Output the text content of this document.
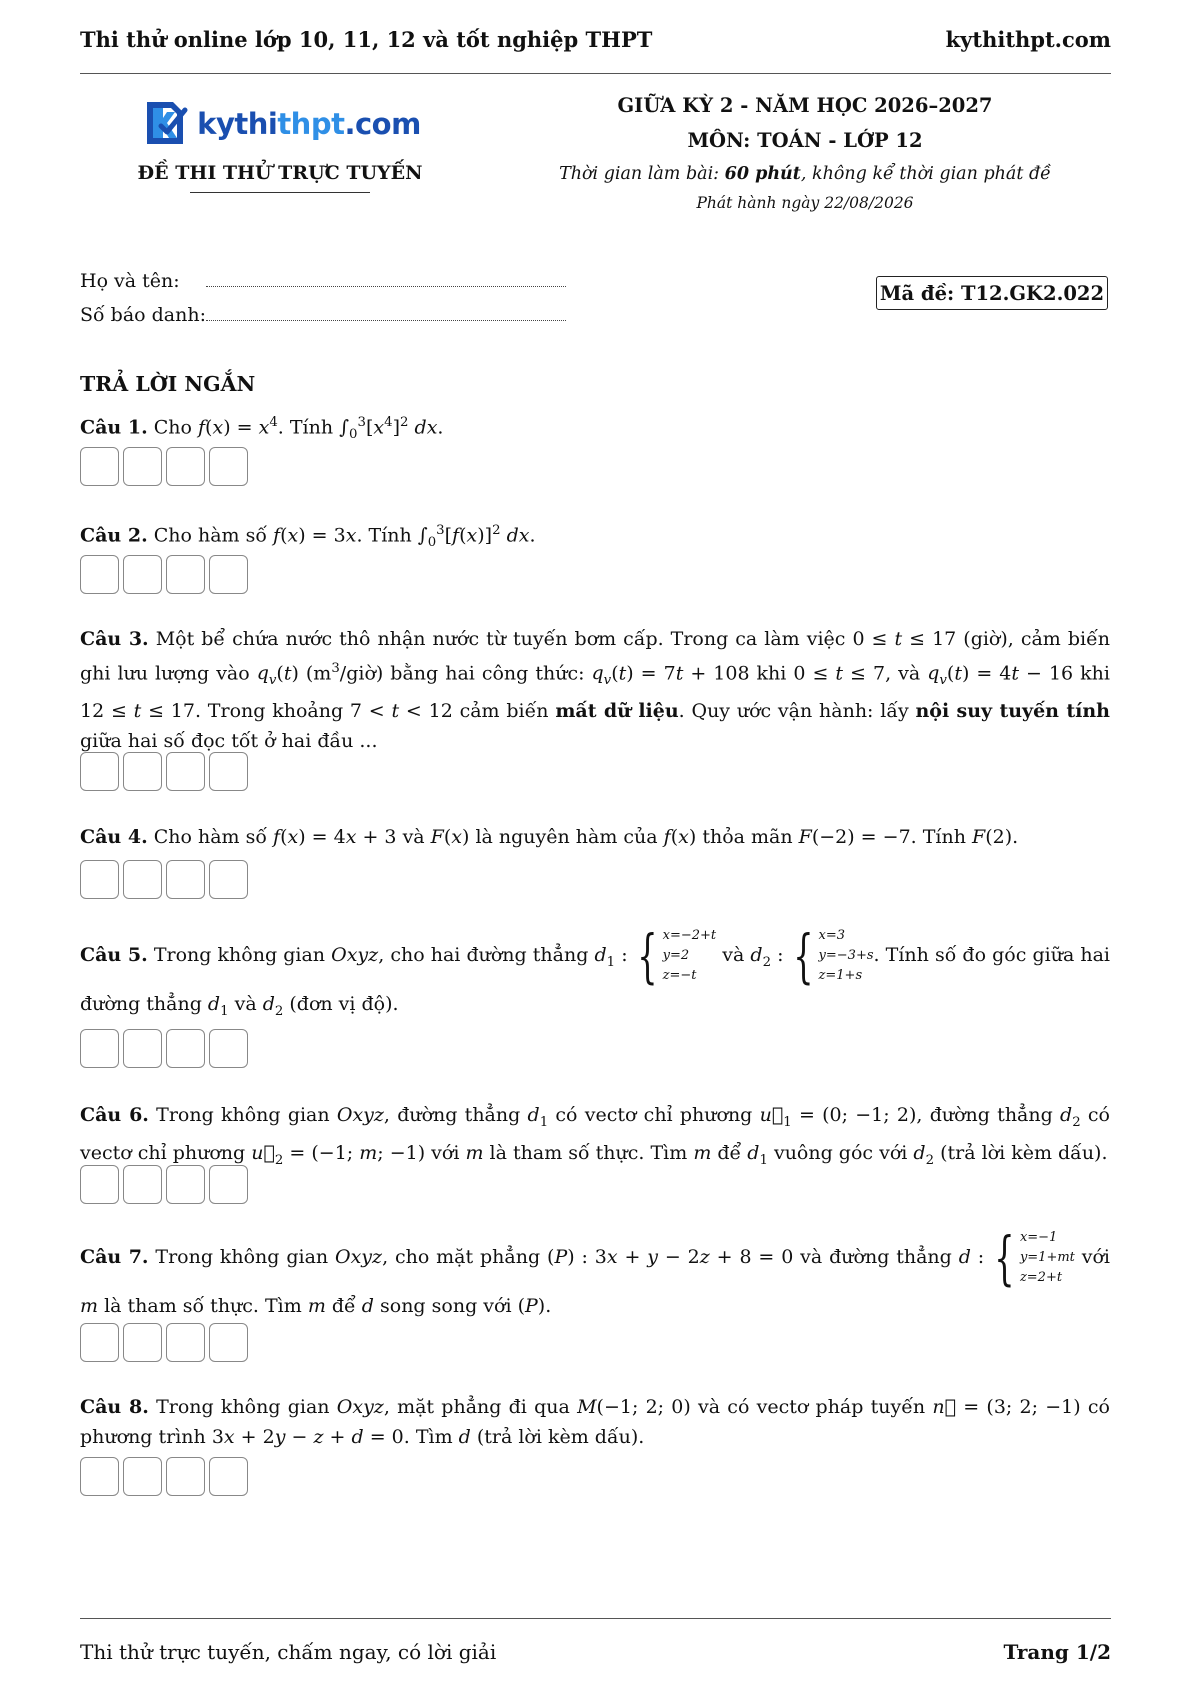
Thi thử online lớp 10, 11, 12 và tốt nghiệp THPT	kythithpt.com
kythithpt.com
ĐỀ THI THỬ TRỰC TUYẾN
GIỮA KỲ 2 - NĂM HỌC 2026–2027
MÔN: TOÁN - LỚP 12
Thời gian làm bài: 60 phút, không kể thời gian phát đề
Phát hành ngày 22/08/2026
Họ và tên:
Số báo danh:
Mã đề: T12.GK2.022
TRẢ LỜI NGẮN
Câu 1. Cho $f(x) = x^4$. Tính $\int_0^3[x^4]^2$ dx.
Câu 2. Cho hàm số f(x) = 3x. Tính $\int_0^3[f(x)]^2$ dx.
Câu 3. Một bể chứa nước thô nhận nước từ tuyến bơm cấp. Trong ca làm việc 0 ≤ t ≤ 17 (giờ), cảm biến ghi lưu lượng vào $q_v(t)$ $(m^3/giờ)$ bằng hai công thức: $q_v(t) = 7t + 108$ khi 0 ≤ t ≤ 7, và $q_v(t) = 4t - 16$ khi 12 ≤ t ≤ 17. Trong khoảng 7 < t < 12 cảm biến mất dữ liệu. Quy ước vận hành: lấy nội suy tuyến tính giữa hai số đọc tốt ở hai đầu ...
Câu 4. Cho hàm số f(x) = 4x + 3 và F(x) là nguyên hàm của f(x) thỏa mãn F(−2) = −7. Tính F(2).
Câu 5. Trong không gian Oxyz, cho hai đường thẳng $d_1$ : { x=−2+t
y=2
z=−t
và $d_2$ : { x=3
y=−3+s
z=1+s
. Tính số đo góc giữa hai đường thẳng $d_1$ và $d_2$ (đơn vị độ).
Câu 6. Trong không gian Oxyz, đường thẳng $d_1$ có vectơ chỉ phương $u⃗_1 = (0$; −1; 2), đường thẳng $d_2$ có vectơ chỉ phương $u⃗_2 = (-1$; m; −1) với m là tham số thực. Tìm m để $d_1$ vuông góc với $d_2$ (trả lời kèm dấu).
Câu 7. Trong không gian Oxyz, cho mặt phẳng (P) : 3x + y − 2z + 8 = 0 và đường thẳng d : { x=−1
y=1+mt
z=2+t
với m là tham số thực. Tìm m để d song song với (P).
Câu 8. Trong không gian Oxyz, mặt phẳng đi qua M(−1; 2; 0) và có vectơ pháp tuyến n⃗ = (3; 2; −1) có phương trình 3x + 2y − z + d = 0. Tìm d (trả lời kèm dấu).
Thi thử trực tuyến, chấm ngay, có lời giải	Trang 1/2
